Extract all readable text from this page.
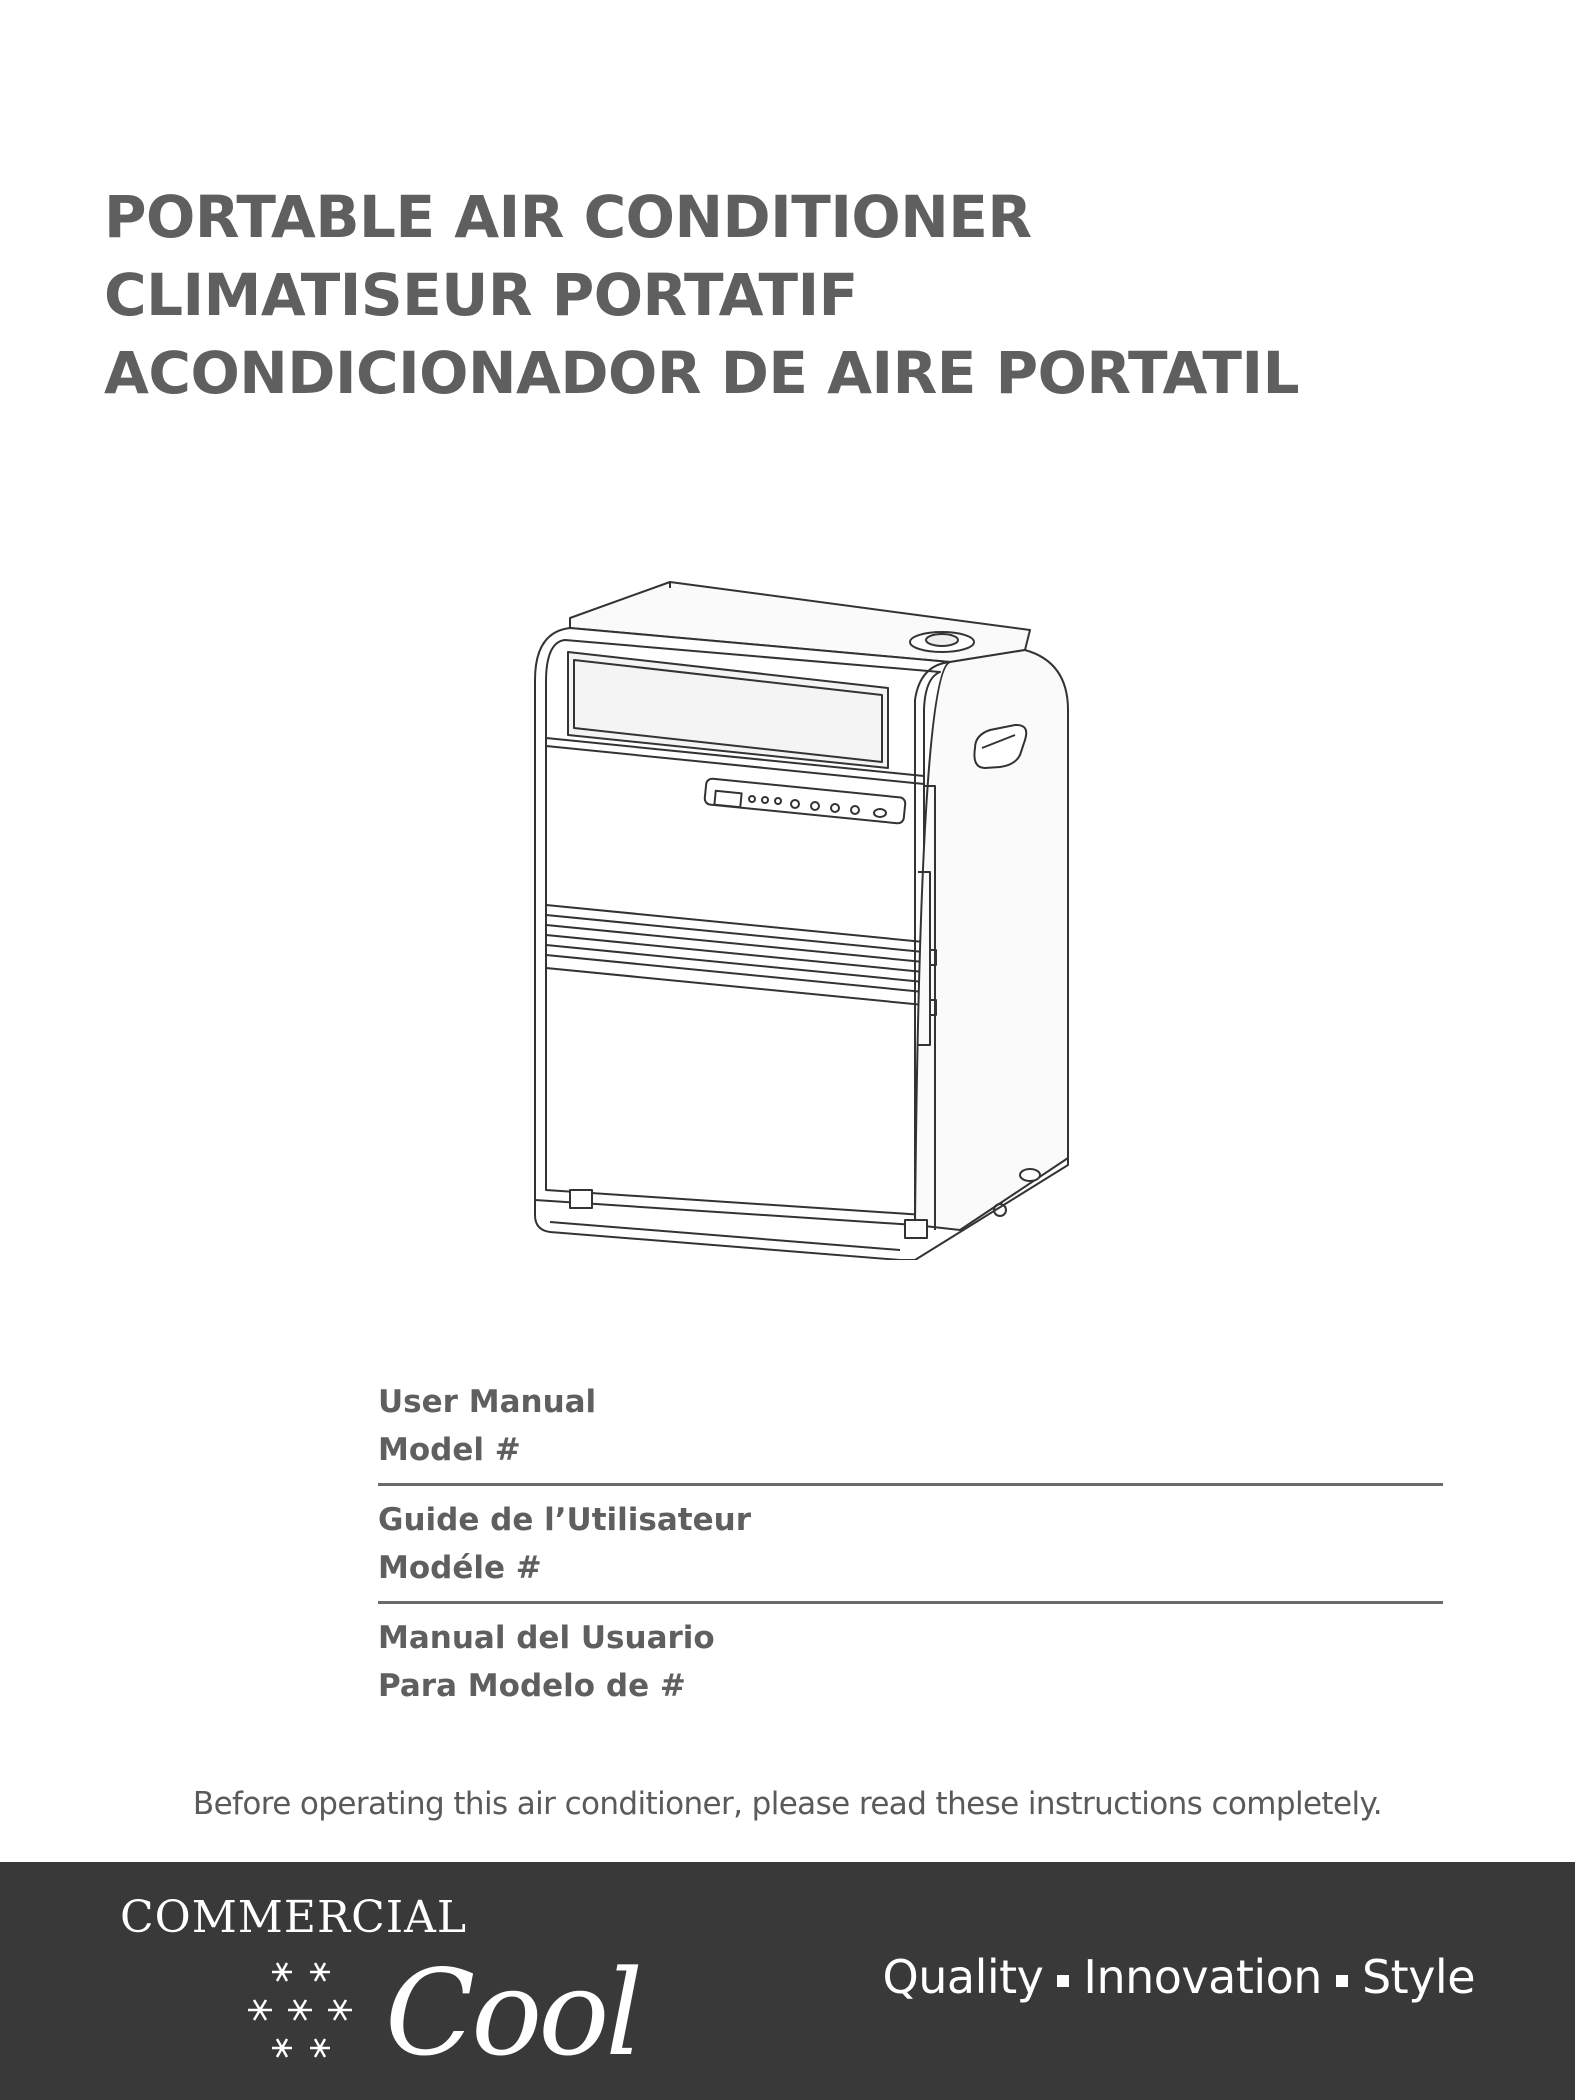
PORTABLE AIR CONDITIONER
CLIMATISEUR PORTATIF
ACONDICIONADOR DE AIRE PORTATIL
User Manual
Model #
Guide de l’Utilisateur
Modéle #
Manual del Usuario
Para Modelo de #
Before operating this air conditioner, please read these instructions completely.
COMMERCIAL
Cool	Quality Innovation Style
